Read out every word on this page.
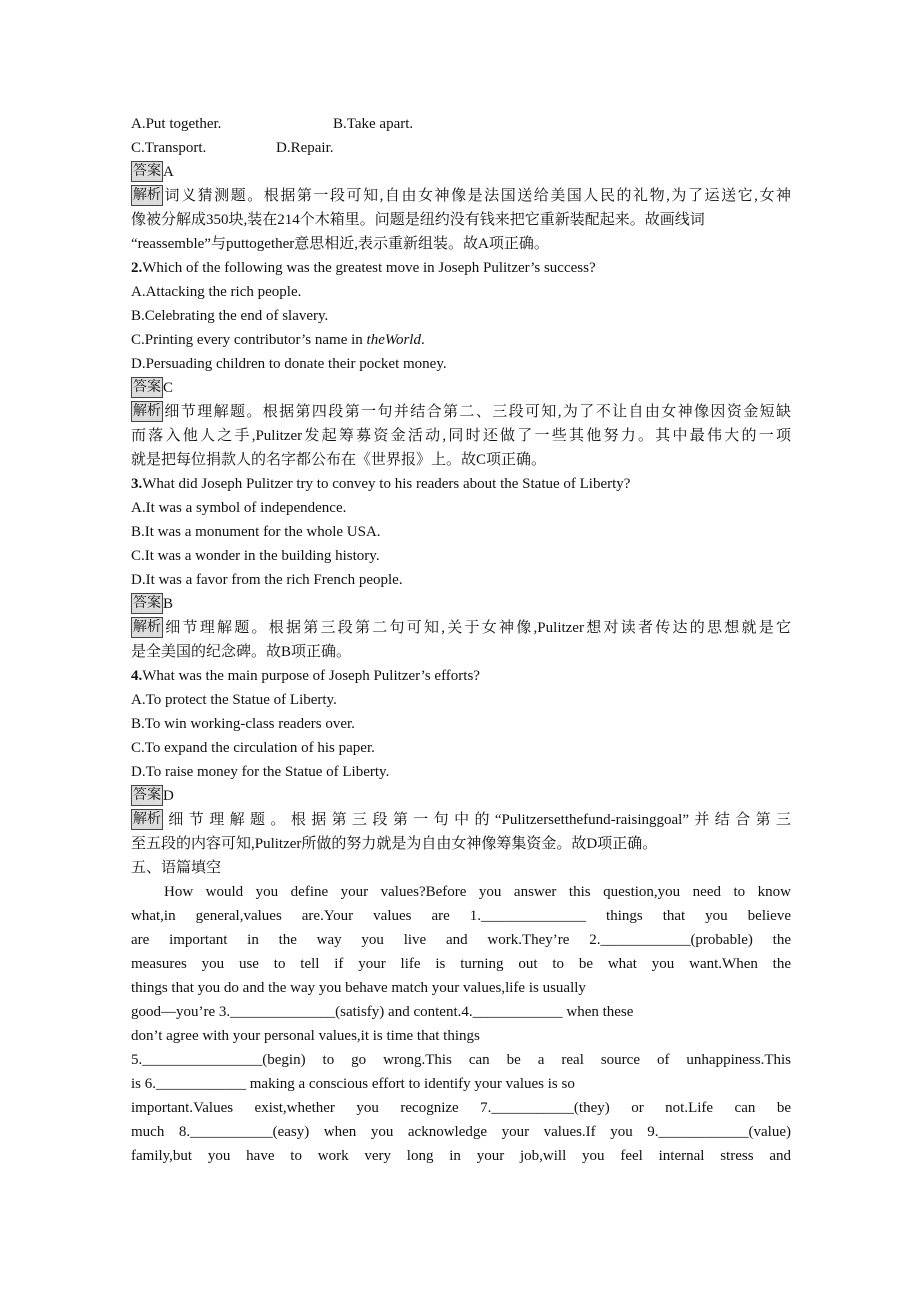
A.Put together.	B.Take apart.
C.Transport.	D.Repair.
答案 A
解析 词义猜测题。根据第一段可知,自由女神像是法国送给美国人民的礼物,为了运送它,女神
像被分解成350块,装在214个木箱里。问题是纽约没有钱来把它重新装配起来。故画线词
“reassemble”与puttogether意思相近,表示重新组装。故A项正确。
2.Which of the following was the greatest move in Joseph Pulitzer’s success?
A.Attacking the rich people.
B.Celebrating the end of slavery.
C.Printing every contributor’s name in theWorld.
D.Persuading children to donate their pocket money.
答案 C
解析 细节理解题。根据第四段第一句并结合第二、三段可知,为了不让自由女神像因资金短缺
而落入他人之手,Pulitzer发起筹募资金活动,同时还做了一些其他努力。其中最伟大的一项
就是把每位捐款人的名字都公布在《世界报》上。故C项正确。
3.What did Joseph Pulitzer try to convey to his readers about the Statue of Liberty?
A.It was a symbol of independence.
B.It was a monument for the whole USA.
C.It was a wonder in the building history.
D.It was a favor from the rich French people.
答案 B
解析 细节理解题。根据第三段第二句可知,关于女神像,Pulitzer想对读者传达的思想就是它
是全美国的纪念碑。故B项正确。
4.What was the main purpose of Joseph Pulitzer’s efforts?
A.To protect the Statue of Liberty.
B.To win working-class readers over.
C.To expand the circulation of his paper.
D.To raise money for the Statue of Liberty.
答案 D
解析 细节理解题。根据第三段第一句中的“Pulitzersetthefund-raisinggoal”并结合第三
至五段的内容可知,Pulitzer所做的努力就是为自由女神像筹集资金。故D项正确。
五、语篇填空
How would you define your values?Before you answer this question,you need to know
what,in general,values are.Your values are 1.______________ things that you believe
are important in the way you live and work.They’re 2.____________(probable) the
measures you use to tell if your life is turning out to be what you want.When the
things that you do and the way you behave match your values,life is usually
good—you’re 3.______________(satisfy) and content.4.____________ when these
don’t agree with your personal values,it is time that things
5.________________(begin) to go wrong.This can be a real source of unhappiness.This
is 6.____________ making a conscious effort to identify your values is so
important.Values exist,whether you recognize 7.___________(they) or not.Life can be
much 8.___________(easy) when you acknowledge your values.If you 9.____________(value)
family,but you have to work very long in your job,will you feel internal stress and
